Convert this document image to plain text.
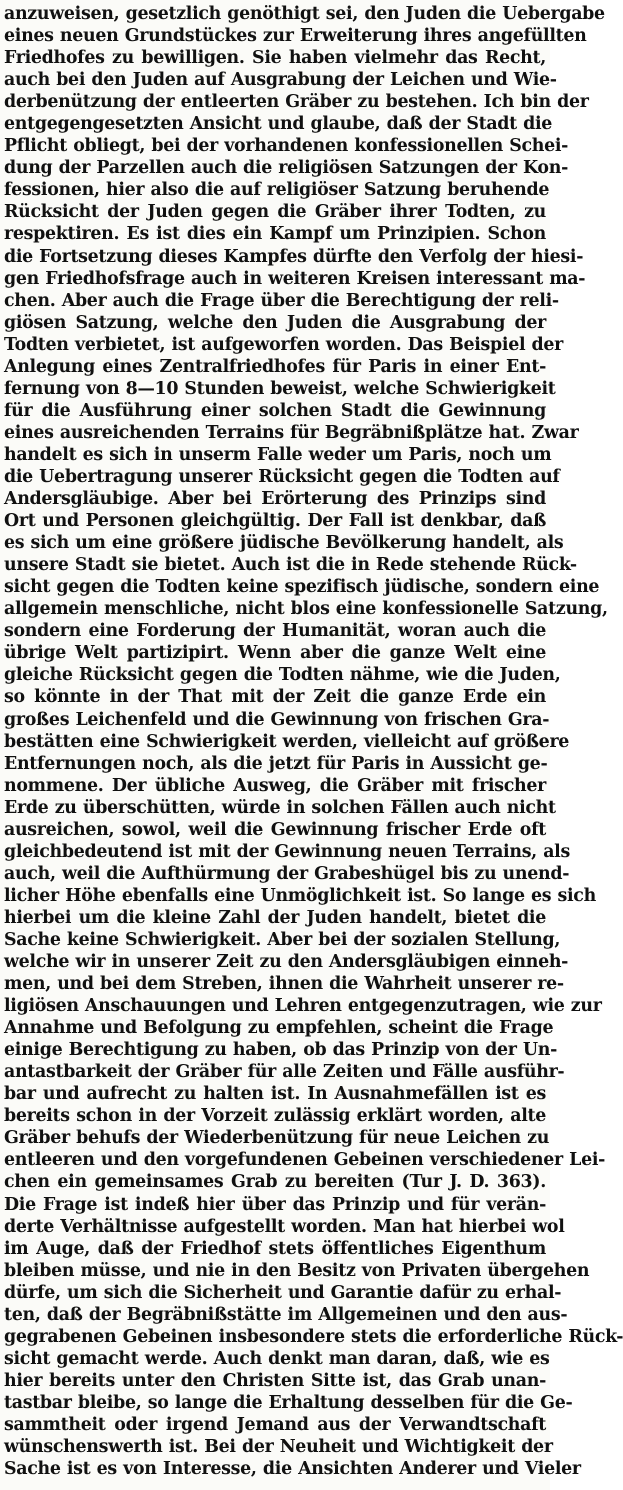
anzuweisen, gesetzlich genöthigt sei, den Juden die Uebergabe
eines neuen Grundstückes zur Erweiterung ihres angefüllten
Friedhofes zu bewilligen. Sie haben vielmehr das Recht,
auch bei den Juden auf Ausgrabung der Leichen und Wie-
derbenützung der entleerten Gräber zu bestehen. Ich bin der
entgegengesetzten Ansicht und glaube, daß der Stadt die
Pflicht obliegt, bei der vorhandenen konfessionellen Schei-
dung der Parzellen auch die religiösen Satzungen der Kon-
fessionen, hier also die auf religiöser Satzung beruhende
Rücksicht der Juden gegen die Gräber ihrer Todten, zu
respektiren. Es ist dies ein Kampf um Prinzipien. Schon
die Fortsetzung dieses Kampfes dürfte den Verfolg der hiesi-
gen Friedhofsfrage auch in weiteren Kreisen interessant ma-
chen. Aber auch die Frage über die Berechtigung der reli-
giösen Satzung, welche den Juden die Ausgrabung der
Todten verbietet, ist aufgeworfen worden. Das Beispiel der
Anlegung eines Zentralfriedhofes für Paris in einer Ent-
fernung von 8—10 Stunden beweist, welche Schwierigkeit
für die Ausführung einer solchen Stadt die Gewinnung
eines ausreichenden Terrains für Begräbnißplätze hat. Zwar
handelt es sich in unserm Falle weder um Paris, noch um
die Uebertragung unserer Rücksicht gegen die Todten auf
Andersgläubige. Aber bei Erörterung des Prinzips sind
Ort und Personen gleichgültig. Der Fall ist denkbar, daß
es sich um eine größere jüdische Bevölkerung handelt, als
unsere Stadt sie bietet. Auch ist die in Rede stehende Rück-
sicht gegen die Todten keine spezifisch jüdische, sondern eine
allgemein menschliche, nicht blos eine konfessionelle Satzung,
sondern eine Forderung der Humanität, woran auch die
übrige Welt partizipirt. Wenn aber die ganze Welt eine
gleiche Rücksicht gegen die Todten nähme, wie die Juden,
so könnte in der That mit der Zeit die ganze Erde ein
großes Leichenfeld und die Gewinnung von frischen Gra-
bestätten eine Schwierigkeit werden, vielleicht auf größere
Entfernungen noch, als die jetzt für Paris in Aussicht ge-
nommene. Der übliche Ausweg, die Gräber mit frischer
Erde zu überschütten, würde in solchen Fällen auch nicht
ausreichen, sowol, weil die Gewinnung frischer Erde oft
gleichbedeutend ist mit der Gewinnung neuen Terrains, als
auch, weil die Aufthürmung der Grabeshügel bis zu unend-
licher Höhe ebenfalls eine Unmöglichkeit ist. So lange es sich
hierbei um die kleine Zahl der Juden handelt, bietet die
Sache keine Schwierigkeit. Aber bei der sozialen Stellung,
welche wir in unserer Zeit zu den Andersgläubigen einneh-
men, und bei dem Streben, ihnen die Wahrheit unserer re-
ligiösen Anschauungen und Lehren entgegenzutragen, wie zur
Annahme und Befolgung zu empfehlen, scheint die Frage
einige Berechtigung zu haben, ob das Prinzip von der Un-
antastbarkeit der Gräber für alle Zeiten und Fälle ausführ-
bar und aufrecht zu halten ist. In Ausnahmefällen ist es
bereits schon in der Vorzeit zulässig erklärt worden, alte
Gräber behufs der Wiederbenützung für neue Leichen zu
entleeren und den vorgefundenen Gebeinen verschiedener Lei-
chen ein gemeinsames Grab zu bereiten (Tur J. D. 363).
Die Frage ist indeß hier über das Prinzip und für verän-
derte Verhältnisse aufgestellt worden. Man hat hierbei wol
im Auge, daß der Friedhof stets öffentliches Eigenthum
bleiben müsse, und nie in den Besitz von Privaten übergehen
dürfe, um sich die Sicherheit und Garantie dafür zu erhal-
ten, daß der Begräbnißstätte im Allgemeinen und den aus-
gegrabenen Gebeinen insbesondere stets die erforderliche Rück-
sicht gemacht werde. Auch denkt man daran, daß, wie es
hier bereits unter den Christen Sitte ist, das Grab unan-
tastbar bleibe, so lange die Erhaltung desselben für die Ge-
sammtheit oder irgend Jemand aus der Verwandtschaft
wünschenswerth ist. Bei der Neuheit und Wichtigkeit der
Sache ist es von Interesse, die Ansichten Anderer und Vieler
